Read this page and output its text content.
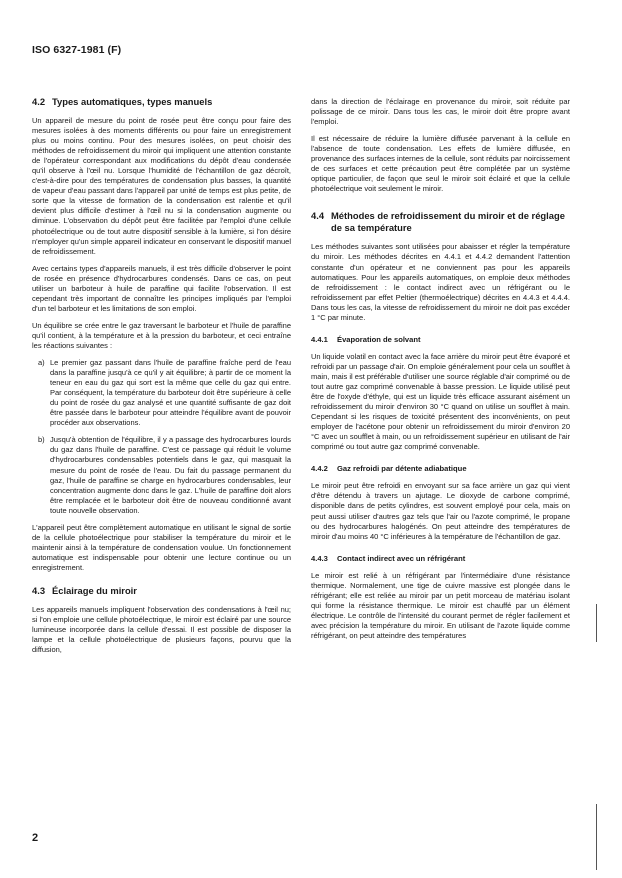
ISO 6327-1981 (F)
4.2 Types automatiques, types manuels

Un appareil de mesure du point de rosée peut être conçu pour faire des mesures isolées à des moments différents ou pour faire un enregistrement plus ou moins continu. Pour des mesures isolées, on peut choisir des méthodes de refroidissement du miroir qui impliquent une attention constante de l'opérateur correspondant aux modifications du dépôt d'eau condensée qu'il observe à l'œil nu. Lorsque l'humidité de l'échantillon de gaz décroît, c'est-à-dire pour des températures de condensation plus basses, la quantité de vapeur d'eau passant dans l'appareil par unité de temps est plus petite, de sorte que la vitesse de formation de la condensation est ralentie et qu'il devient plus difficile d'estimer à l'œil nu si la condensation augmente ou diminue. L'observation du dépôt peut être facilitée par l'emploi d'une cellule photoélectrique ou de tout autre dispositif sensible à la lumière, si l'on désire n'employer qu'un simple appareil indicateur en conservant le dispositif manuel de refroidissement.

Avec certains types d'appareils manuels, il est très difficile d'observer le point de rosée en présence d'hydrocarbures condensés. Dans ce cas, on peut utiliser un barboteur à huile de paraffine qui facilite l'observation. Il est cependant très important de connaître les principes impliqués par l'emploi d'un tel barboteur et les limitations de son emploi.

Un équilibre se crée entre le gaz traversant le barboteur et l'huile de paraffine qu'il contient, à la température et à la pression du barboteur, et ceci entraîne les réactions suivantes :

a) Le premier gaz passant dans l'huile de paraffine fraîche perd de l'eau dans la paraffine jusqu'à ce qu'il y ait équilibre; à partir de ce moment la teneur en eau du gaz qui sort est la même que celle du gaz qui entre. Par conséquent, la température du barboteur doit être supérieure à celle du point de rosée du gaz analysé et une quantité suffisante de gaz doit être passée dans le barboteur pour atteindre l'équilibre avant de pouvoir procéder aux observations.
b) Jusqu'à obtention de l'équilibre, il y a passage des hydrocarbures lourds du gaz dans l'huile de paraffine. C'est ce passage qui réduit le volume d'hydrocarbures condensables potentiels dans le gaz, qui masquait la mesure du point de rosée de l'eau. Du fait du passage permanent du gaz, l'huile de paraffine se charge en hydrocarbures condensables, leur concentration augmente donc dans le gaz. L'huile de paraffine doit alors être remplacée et le barboteur doit être de nouveau conditionné avant toute nouvelle observation.

L'appareil peut être complètement automatique en utilisant le signal de sortie de la cellule photoélectrique pour stabiliser la température du miroir et le maintenir ainsi à la température de condensation voulue. Un fonctionnement automatique est indispensable pour obtenir une lecture continue ou un enregistrement.

4.3 Éclairage du miroir

Les appareils manuels impliquent l'observation des condensations à l'œil nu; si l'on emploie une cellule photoélectrique, le miroir est éclairé par une source lumineuse incorporée dans la cellule d'essai. Il est possible de disposer la lampe et la cellule photoélectrique de plusieurs façons, pourvu que la diffusion,

dans la direction de l'éclairage en provenance du miroir, soit réduite par polissage de ce miroir. Dans tous les cas, le miroir doit être propre avant l'emploi.

Il est nécessaire de réduire la lumière diffusée parvenant à la cellule en l'absence de toute condensation. Les effets de lumière diffusée, en provenance des surfaces internes de la cellule, sont réduits par noircissement de ces surfaces et cette précaution peut être complétée par un système optique particulier, de façon que seul le miroir soit éclairé et que la cellule photoélectrique voit seulement le miroir.

4.4 Méthodes de refroidissement du miroir et de réglage de sa température

Les méthodes suivantes sont utilisées pour abaisser et régler la température du miroir. Les méthodes décrites en 4.4.1 et 4.4.2 demandent l'attention constante d'un opérateur et ne conviennent pas pour les appareils automatiques. Pour les appareils automatiques, on emploie deux méthodes de refroidissement : le contact indirect avec un réfrigérant ou le refroidissement par effet Peltier (thermoélectrique) décrites en 4.4.3 et 4.4.4. Dans tous les cas, la vitesse de refroidissement du miroir ne doit pas excéder 1 °C par minute.

4.4.1 Évaporation de solvant

Un liquide volatil en contact avec la face arrière du miroir peut être évaporé et refroidi par un passage d'air. On emploie généralement pour cela un soufflet à main, mais il est préférable d'utiliser une source réglable d'air comprimé ou de tout autre gaz comprimé convenable à basse pression. Le liquide utilisé peut être de l'oxyde d'éthyle, qui est un liquide très efficace assurant aisément un refroidissement du miroir d'environ 30 °C quand on utilise un soufflet à main. Cependant si les risques de toxicité présentent des inconvénients, on peut employer de l'acétone pour obtenir un refroidissement du miroir d'environ 20 °C avec un soufflet à main, ou un refroidissement supérieur en utilisant de l'air comprimé ou tout autre gaz comprimé convenable.

4.4.2 Gaz refroidi par détente adiabatique

Le miroir peut être refroidi en envoyant sur sa face arrière un gaz qui vient d'être détendu à travers un ajutage. Le dioxyde de carbone comprimé, disponible dans de petits cylindres, est souvent employé pour cela, mais on peut aussi utiliser d'autres gaz tels que l'air ou l'azote comprimé, le propane ou des hydrocarbures halogénés. On peut atteindre des températures de miroir d'au moins 40 °C inférieures à la température de l'échantillon de gaz.

4.4.3 Contact indirect avec un réfrigérant

Le miroir est relié à un réfrigérant par l'intermédiaire d'une résistance thermique. Normalement, une tige de cuivre massive est plongée dans le réfrigérant; elle est reliée au miroir par un petit morceau de matériau isolant qui forme la résistance thermique. Le miroir est chauffé par un élément électrique. Le contrôle de l'intensité du courant permet de régler facilement et avec précision la température du miroir. En utilisant de l'azote liquide comme réfrigérant, on peut atteindre des températures

2
